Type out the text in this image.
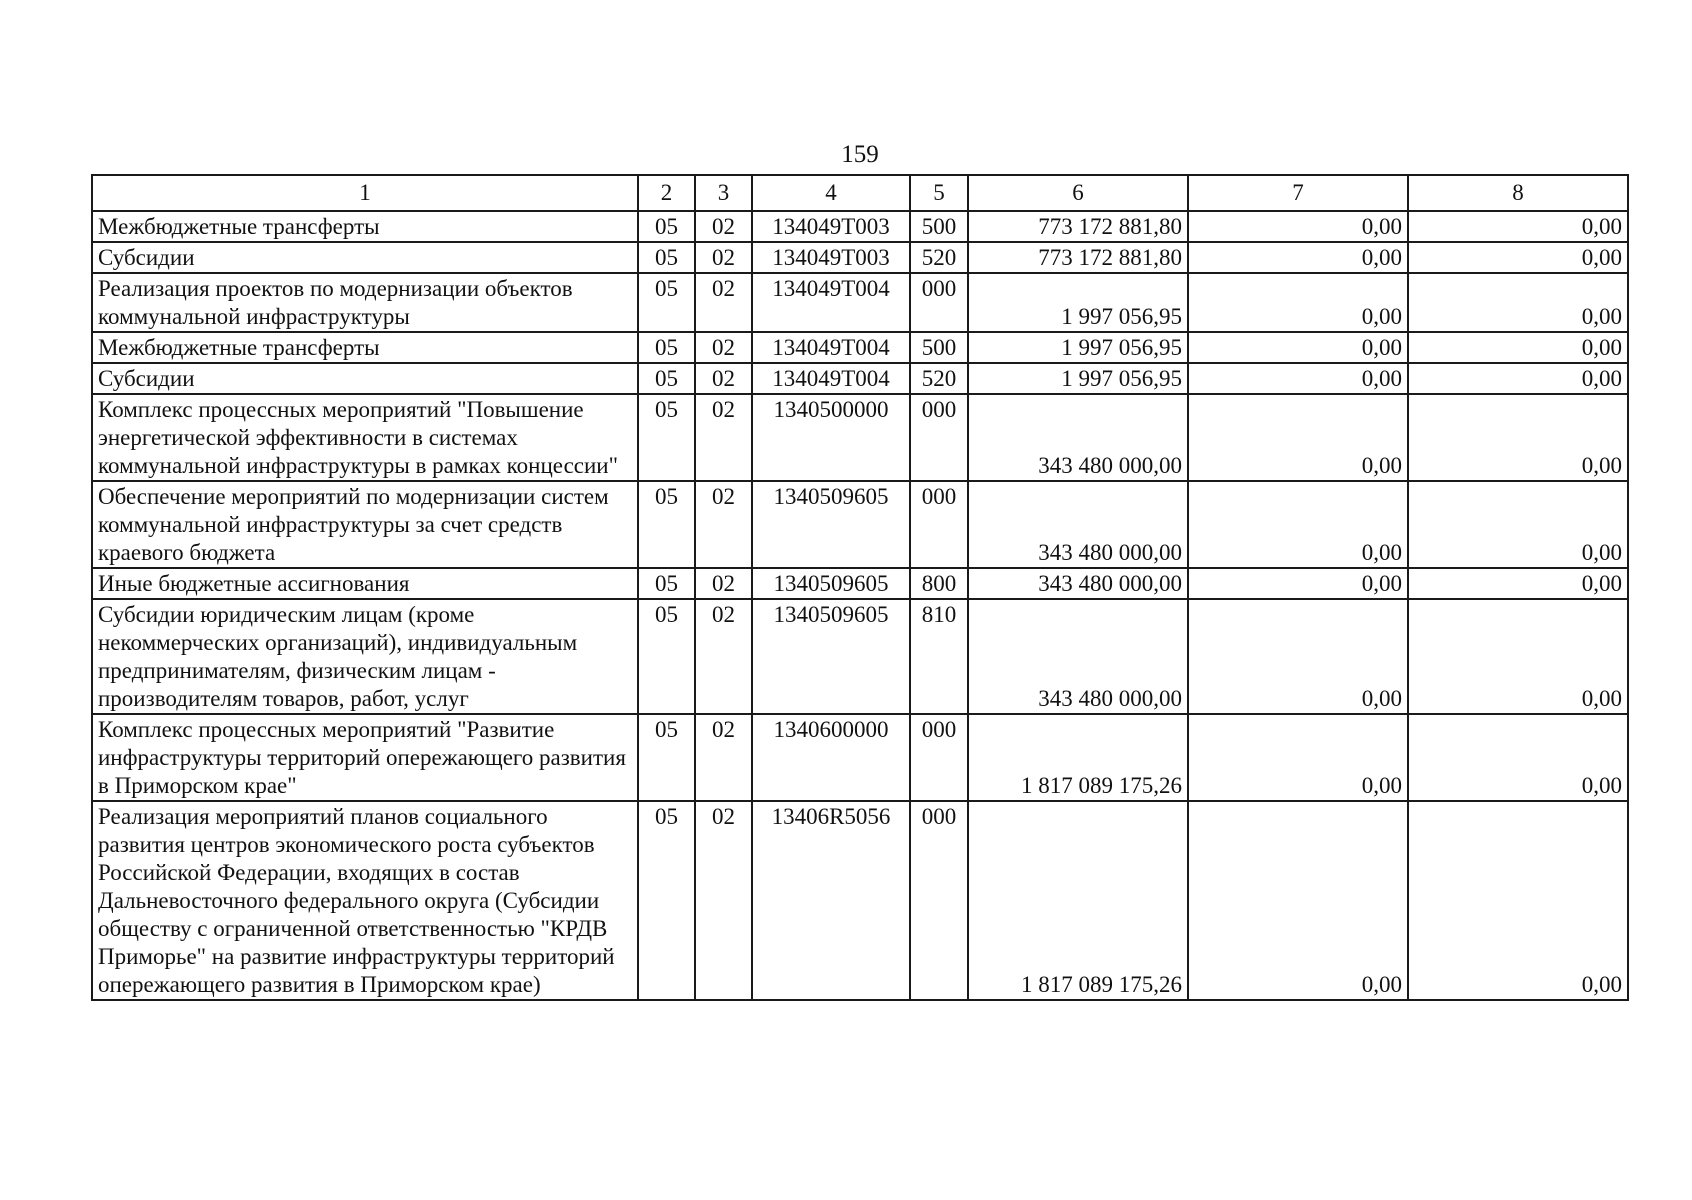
159
1	2	3	4	5	6	7	8
Межбюджетные трансферты	05	02	134049Т003	500	773 172 881,80	0,00	0,00
Субсидии	05	02	134049Т003	520	773 172 881,80	0,00	0,00
Реализация проектов по модернизации объектов коммунальной инфраструктуры	05	02	134049Т004	000	1 997 056,95	0,00	0,00
Межбюджетные трансферты	05	02	134049Т004	500	1 997 056,95	0,00	0,00
Субсидии	05	02	134049Т004	520	1 997 056,95	0,00	0,00
Комплекс процессных мероприятий "Повышение энергетической эффективности в системах коммунальной инфраструктуры в рамках концессии"	05	02	1340500000	000	343 480 000,00	0,00	0,00
Обеспечение мероприятий по модернизации систем коммунальной инфраструктуры за счет средств краевого бюджета	05	02	1340509605	000	343 480 000,00	0,00	0,00
Иные бюджетные ассигнования	05	02	1340509605	800	343 480 000,00	0,00	0,00
Субсидии юридическим лицам (кроме некоммерческих организаций), индивидуальным предпринимателям, физическим лицам - производителям товаров, работ, услуг	05	02	1340509605	810	343 480 000,00	0,00	0,00
Комплекс процессных мероприятий "Развитие инфраструктуры территорий опережающего развития в Приморском крае"	05	02	1340600000	000	1 817 089 175,26	0,00	0,00
Реализация мероприятий планов социального развития центров экономического роста субъектов Российской Федерации, входящих в состав Дальневосточного федерального округа (Субсидии обществу с ограниченной ответственностью "КРДВ Приморье" на развитие инфраструктуры территорий опережающего развития в Приморском крае)	05	02	13406R5056	000	1 817 089 175,26	0,00	0,00
